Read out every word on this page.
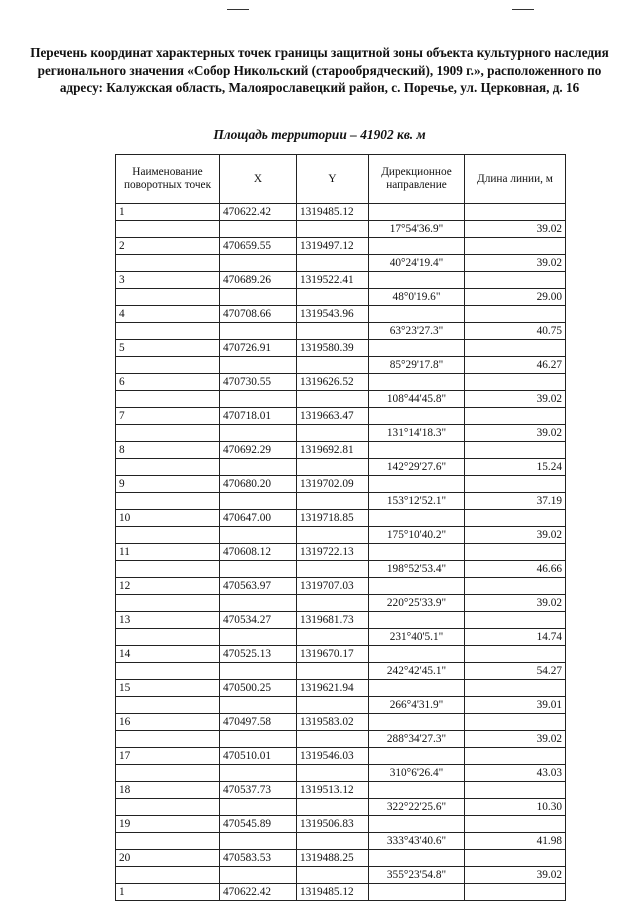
Перечень координат характерных точек границы защитной зоны объекта культурного наследия регионального значения «Собор Никольский (старообрядческий), 1909 г.», расположенного по адресу: Калужская область, Малоярославецкий район, с. Поречье, ул. Церковная, д. 16
Площадь территории – 41902 кв. м
Наименование поворотных точек	X	Y	Дирекционное направление	Длина линии, м
1	470622.42	1319485.12		
			17°54'36.9"	39.02
2	470659.55	1319497.12		
			40°24'19.4"	39.02
3	470689.26	1319522.41		
			48°0'19.6"	29.00
4	470708.66	1319543.96		
			63°23'27.3"	40.75
5	470726.91	1319580.39		
			85°29'17.8"	46.27
6	470730.55	1319626.52		
			108°44'45.8"	39.02
7	470718.01	1319663.47		
			131°14'18.3"	39.02
8	470692.29	1319692.81		
			142°29'27.6"	15.24
9	470680.20	1319702.09		
			153°12'52.1"	37.19
10	470647.00	1319718.85		
			175°10'40.2"	39.02
11	470608.12	1319722.13		
			198°52'53.4"	46.66
12	470563.97	1319707.03		
			220°25'33.9"	39.02
13	470534.27	1319681.73		
			231°40'5.1"	14.74
14	470525.13	1319670.17		
			242°42'45.1"	54.27
15	470500.25	1319621.94		
			266°4'31.9"	39.01
16	470497.58	1319583.02		
			288°34'27.3"	39.02
17	470510.01	1319546.03		
			310°6'26.4"	43.03
18	470537.73	1319513.12		
			322°22'25.6"	10.30
19	470545.89	1319506.83		
			333°43'40.6"	41.98
20	470583.53	1319488.25		
			355°23'54.8"	39.02
1	470622.42	1319485.12		
